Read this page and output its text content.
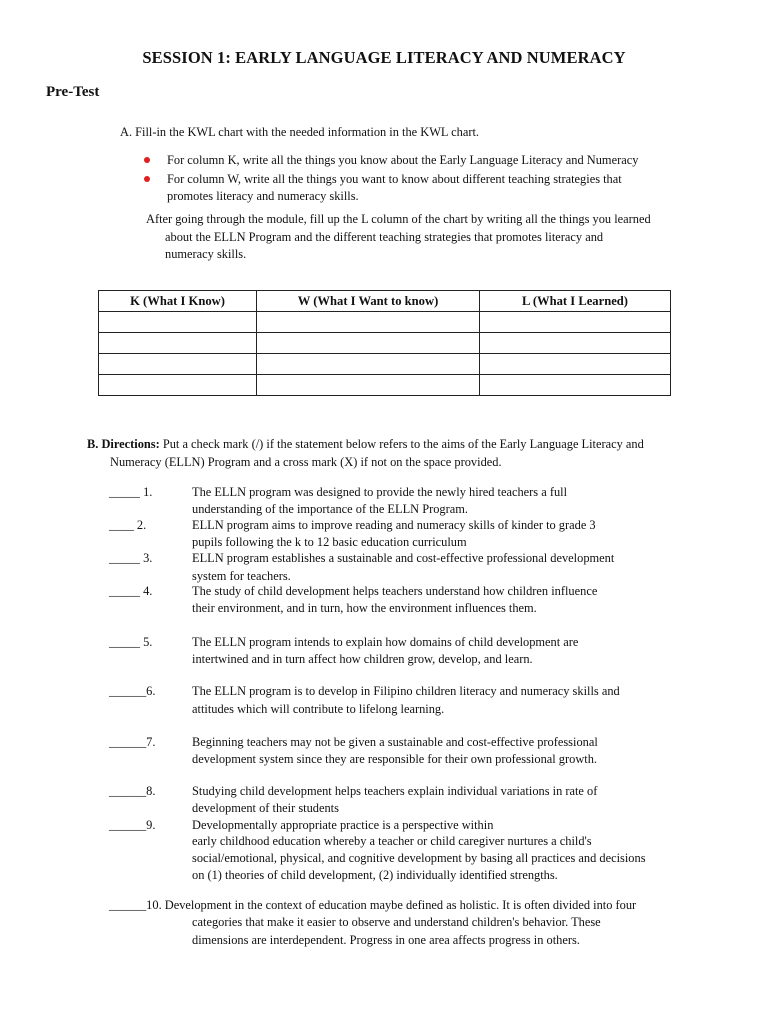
SESSION 1: EARLY LANGUAGE LITERACY AND NUMERACY
Pre-Test
A. Fill-in the KWL chart with the needed information in the KWL chart.
For column K, write all the things you know about the Early Language Literacy and Numeracy
For column W, write all the things you want to know about different teaching strategies that
promotes literacy and numeracy skills.
After going through the module, fill up the L column of the chart by writing all the things you learned
about the ELLN Program and the different teaching strategies that promotes literacy and
numeracy skills.
K (What I Know)	W (What I Want to know)	L (What I Learned)

B. Directions: Put a check mark (/) if the statement below refers to the aims of the Early Language Literacy and
Numeracy (ELLN) Program and a cross mark (X) if not on the space provided.
_____ 1.	The ELLN program was designed to provide the newly hired teachers a full
understanding of the importance of the ELLN Program.
____ 2.	ELLN program aims to improve reading and numeracy skills of kinder to grade 3
pupils following the k to 12 basic education curriculum
_____ 3.	ELLN program establishes a sustainable and cost-effective professional development
system for teachers.
_____ 4.	The study of child development helps teachers understand how children influence
their environment, and in turn, how the environment influences them.
_____ 5.	The ELLN program intends to explain how domains of child development are
intertwined and in turn affect how children grow, develop, and learn.
______6.	The ELLN program is to develop in Filipino children literacy and numeracy skills and
attitudes which will contribute to lifelong learning.
______7.	Beginning teachers may not be given a sustainable and cost-effective professional
development system since they are responsible for their own professional growth.
______8.	Studying child development helps teachers explain individual variations in rate of
development of their students
______9.	Developmentally appropriate practice is a perspective within
early childhood education whereby a teacher or child caregiver nurtures a child's
social/emotional, physical, and cognitive development by basing all practices and decisions
on (1) theories of child development, (2) individually identified strengths.
______10. Development in the context of education maybe defined as holistic. It is often divided into four
categories that make it easier to observe and understand children's behavior. These
dimensions are interdependent. Progress in one area affects progress in others.
